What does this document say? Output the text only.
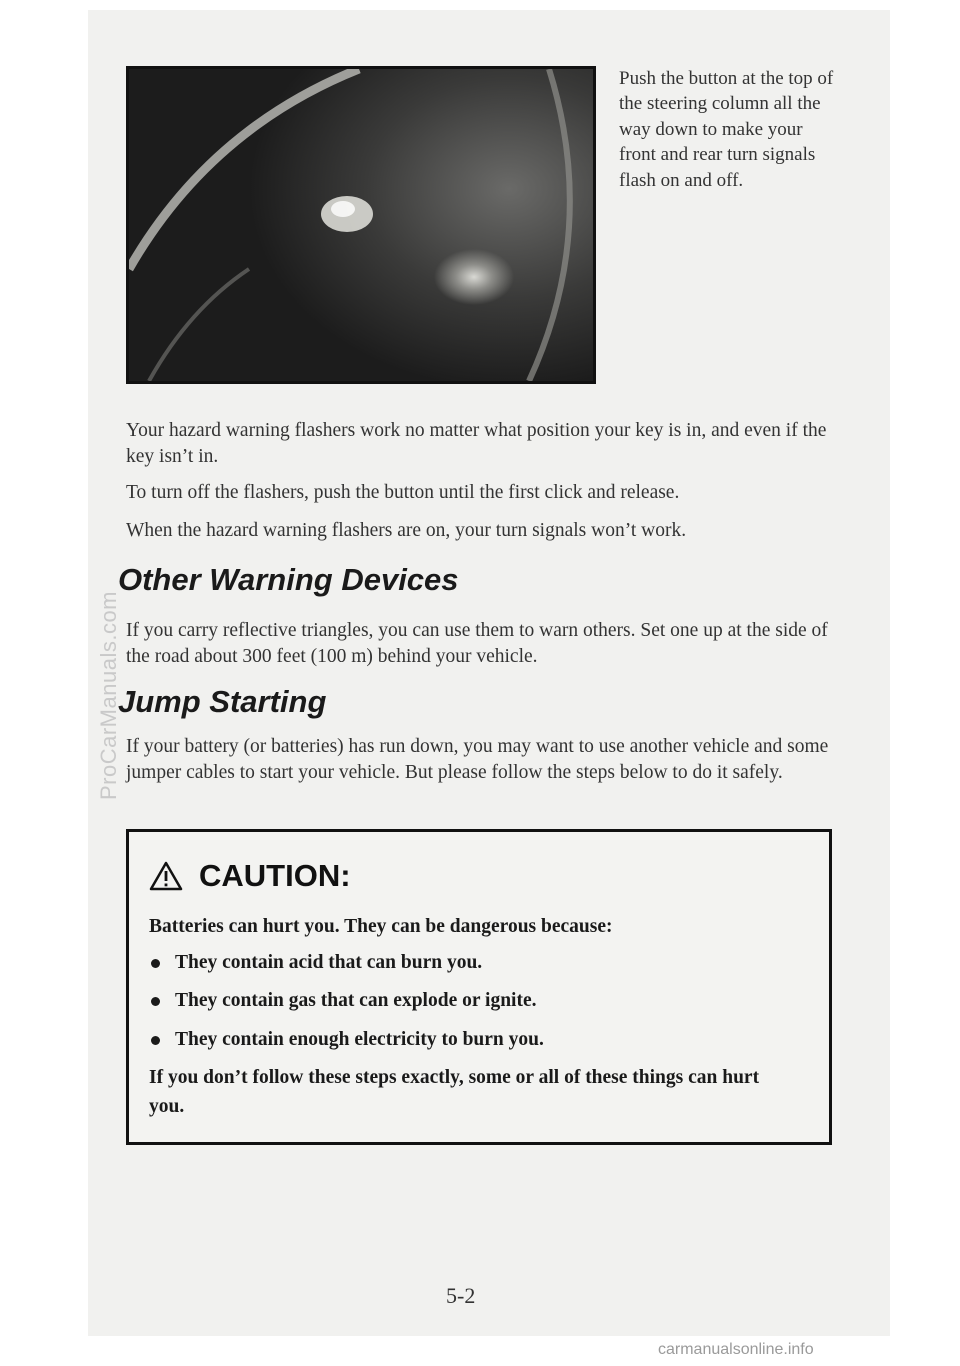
Push the button at the top of the steering column all the way down to make your front and rear turn signals flash on and off.

Your hazard warning flashers work no matter what position your key is in, and even if the key isn’t in.

To turn off the flashers, push the button until the first click and release.

When the hazard warning flashers are on, your turn signals won’t work.

Other Warning Devices

If you carry reflective triangles, you can use them to warn others. Set one up at the side of the road about 300 feet (100 m) behind your vehicle.

Jump Starting

If your battery (or batteries) has run down, you may want to use another vehicle and some jumper cables to start your vehicle. But please follow the steps below to do it safely.

CAUTION:

Batteries can hurt you. They can be dangerous because:

They contain acid that can burn you.
They contain gas that can explode or ignite.
They contain enough electricity to burn you.

If you don’t follow these steps exactly, some or all of these things can hurt you.

5-2
ProCarManuals.com
carmanualsonline.info
